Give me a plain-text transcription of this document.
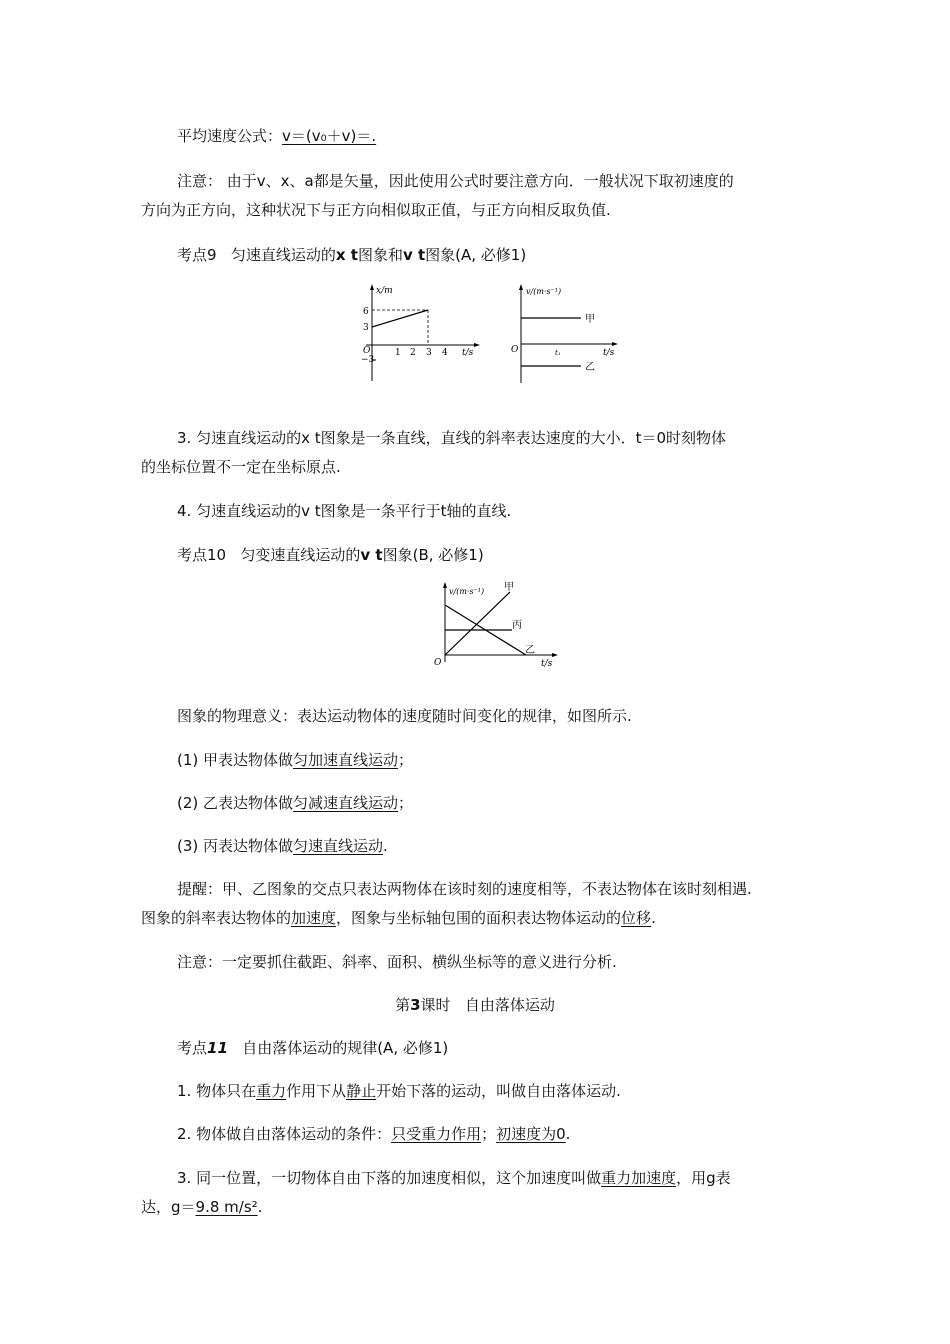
平均速度公式：v＝(v₀＋v)＝.
注意： 由于v、x、a都是矢量，因此使用公式时要注意方向．一般状况下取初速度的
方向为正方向，这种状况下与正方向相似取正值，与正方向相反取负值.
考点9 匀速直线运动的x t图象和v t图象(A, 必修1)
x/m
t/s
O
6
3
−3
1 2 3 4
v/(m·s⁻¹)
t/s
O	t₁
甲
乙
3. 匀速直线运动的x t图象是一条直线，直线的斜率表达速度的大小．t＝0时刻物体
的坐标位置不一定在坐标原点.
4. 匀速直线运动的v t图象是一条平行于t轴的直线.
考点10 匀变速直线运动的v t图象(B, 必修1)
v/(m·s⁻¹)
t/s
O
甲
丙
乙
图象的物理意义：表达运动物体的速度随时间变化的规律，如图所示.
(1) 甲表达物体做匀加速直线运动；
(2) 乙表达物体做匀减速直线运动；
(3) 丙表达物体做匀速直线运动.
提醒：甲、乙图象的交点只表达两物体在该时刻的速度相等，不表达物体在该时刻相遇.
图象的斜率表达物体的加速度，图象与坐标轴包围的面积表达物体运动的位移.
注意：一定要抓住截距、斜率、面积、横纵坐标等的意义进行分析.
第3课时 自由落体运动
考点11 自由落体运动的规律(A, 必修1)
1. 物体只在重力作用下从静止开始下落的运动，叫做自由落体运动.
2. 物体做自由落体运动的条件：只受重力作用；初速度为0.
3. 同一位置，一切物体自由下落的加速度相似，这个加速度叫做重力加速度，用g表
达，g＝9.8 m/s².
